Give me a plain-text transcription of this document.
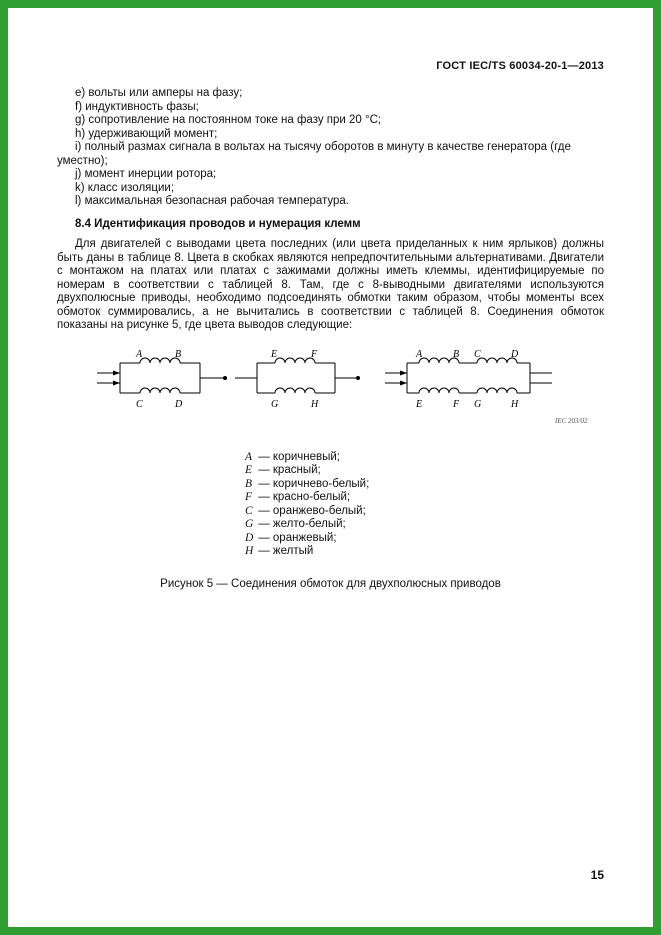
ГОСТ IEC/TS 60034-20-1—2013
e) вольты или амперы на фазу;
f) индуктивность фазы;
g) сопротивление на постоянном токе на фазу при 20 °C;
h) удерживающий момент;
i) полный размах сигнала в вольтах на тысячу оборотов в минуту в качестве генератора (где уместно);
j) момент инерции ротора;
k) класс изоляции;
l) максимальная безопасная рабочая температура.
8.4 Идентификация проводов и нумерация клемм

Для двигателей с выводами цвета последних (или цвета приделанных к ним ярлыков) должны быть даны в таблице 8. Цвета в скобках являются непредпочтительными альтернативами. Двигатели с монтажом на платах или платах с зажимами должны иметь клеммы, идентифицируемые по номерам в соответствии с таблицей 8. Там, где с 8-выводными двигателями используются двухполюсные приводы, необходимо подсоединять обмотки таким образом, чтобы моменты всех обмоток суммировались, а не вычитались в соответствии с таблицей 8. Соединения обмоток показаны на рисунке 5, где цвета выводов следующие:

A	B
C	D
E	F
G	H
A	B C	D
E	F G	H
IEC 203/02
A — коричневый;
E — красный;
B — коричнево-белый;
F — красно-белый;
C — оранжево-белый;
G — желто-белый;
D — оранжевый;
H — желтый
Рисунок 5 — Соединения обмоток для двухполюсных приводов
15
